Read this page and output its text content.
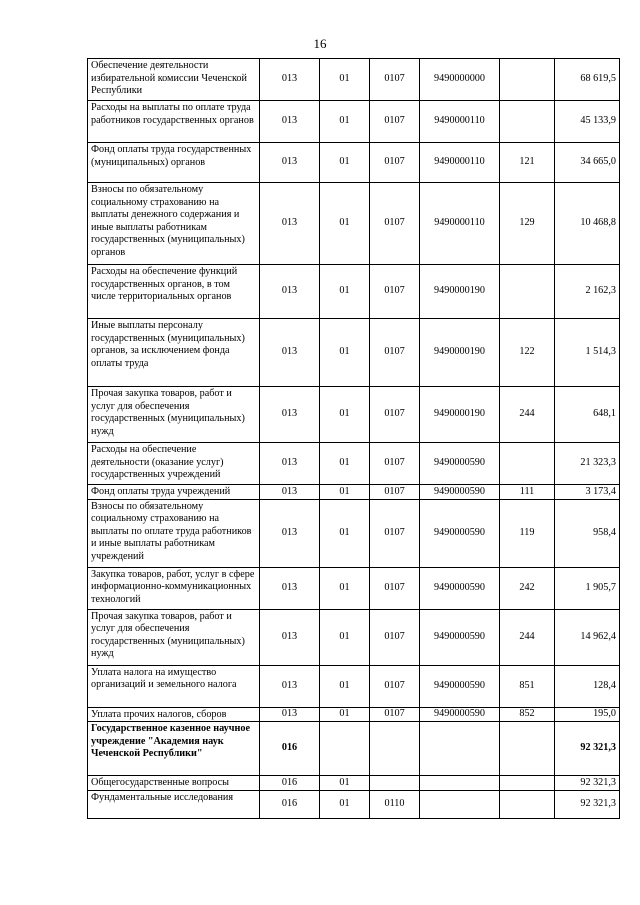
16
Обеспечение деятельности избирательной комиссии Чеченской Республики	013	01	0107	9490000000		68 619,5
Расходы на выплаты по оплате труда работников государственных органов	013	01	0107	9490000110		45 133,9
Фонд оплаты труда государственных (муниципальных) органов	013	01	0107	9490000110	121	34 665,0
Взносы по обязательному социальному страхованию на выплаты денежного содержания и иные выплаты работникам государственных (муниципальных) органов	013	01	0107	9490000110	129	10 468,8
Расходы на обеспечение функций государственных органов, в том числе территориальных органов	013	01	0107	9490000190		2 162,3
Иные выплаты персоналу государственных (муниципальных) органов, за исключением фонда оплаты труда	013	01	0107	9490000190	122	1 514,3
Прочая закупка товаров, работ и услуг для обеспечения государственных (муниципальных) нужд	013	01	0107	9490000190	244	648,1
Расходы на обеспечение деятельности (оказание услуг) государственных учреждений	013	01	0107	9490000590		21 323,3
Фонд оплаты труда учреждений	013	01	0107	9490000590	111	3 173,4
Взносы по обязательному социальному страхованию на выплаты по оплате труда работников и иные выплаты работникам учреждений	013	01	0107	9490000590	119	958,4
Закупка товаров, работ, услуг в сфере информационно-коммуникационных технологий	013	01	0107	9490000590	242	1 905,7
Прочая закупка товаров, работ и услуг для обеспечения государственных (муниципальных) нужд	013	01	0107	9490000590	244	14 962,4
Уплата налога на имущество организаций и земельного налога	013	01	0107	9490000590	851	128,4
Уплата прочих налогов, сборов	013	01	0107	9490000590	852	195,0
Государственное казенное научное учреждение "Академия наук Чеченской Республики"	016					92 321,3
Общегосударственные вопросы	016	01				92 321,3
Фундаментальные исследования	016	01	0110			92 321,3
